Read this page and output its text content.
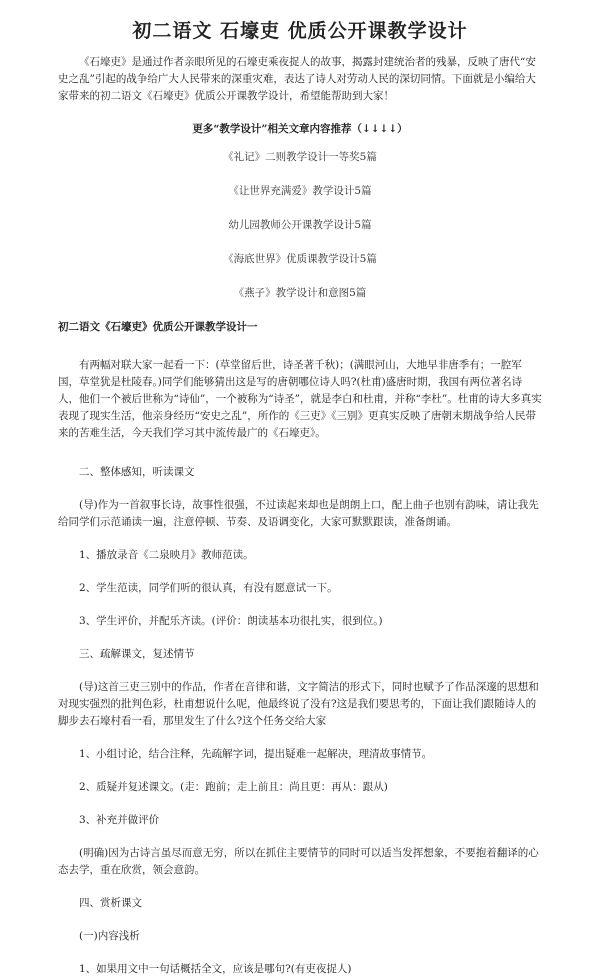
初二语文 石壕吏 优质公开课教学设计

《石壕吏》是通过作者亲眼所见的石壕吏乘夜捉人的故事，揭露封建统治者的残暴，反映了唐代“安史之乱”引起的战争给广大人民带来的深重灾难，表达了诗人对劳动人民的深切同情。下面就是小编给大家带来的初二语文《石壕吏》优质公开课教学设计，希望能帮助到大家！

更多“教学设计”相关文章内容推荐（↓↓↓↓）
《礼记》二则教学设计一等奖5篇
《让世界充满爱》教学设计5篇
幼儿园教师公开课教学设计5篇
《海底世界》优质课教学设计5篇
《燕子》教学设计和意图5篇
初二语文《石壕吏》优质公开课教学设计一

有两幅对联大家一起看一下：(草堂留后世，诗圣著千秋)；(满眼河山，大地早非唐季有；一腔军国，草堂犹是杜陵春。)同学们能够猜出这是写的唐朝哪位诗人吗?(杜甫)盛唐时期，我国有两位著名诗人，他们一个被后世称为“诗仙”，一个被称为“诗圣”，就是李白和杜甫，并称“李杜”。杜甫的诗大多真实表现了现实生活，他亲身经历“安史之乱”，所作的《三吏》《三别》更真实反映了唐朝末期战争给人民带来的苦难生活，今天我们学习其中流传最广的《石壕吏》。

二、整体感知，听读课文

(导)作为一首叙事长诗，故事性很强，不过读起来却也是朗朗上口，配上曲子也别有韵味，请让我先给同学们示范诵读一遍，注意停顿、节奏、及语调变化，大家可默默跟读，准备朗诵。

1、播放录音《二泉映月》教师范读。

2、学生范读，同学们听的很认真，有没有愿意试一下。

3、学生评价，并配乐齐读。(评价：朗读基本功很扎实，很到位。)

三、疏解课文，复述情节

(导)这首三吏三别中的作品，作者在音律和谐，文字简洁的形式下，同时也赋予了作品深邃的思想和对现实强烈的批判色彩，杜甫想说什么呢，他最终说了没有?这是我们要思考的，下面让我们跟随诗人的脚步去石壕村看一看，那里发生了什么?这个任务交给大家

1、小组讨论，结合注释，先疏解字词，提出疑难一起解决，理清故事情节。

2、质疑并复述课文。(走：跑前；走上前且：尚且更：再从：跟从)

3、补充并做评价

(明确)因为古诗言虽尽而意无穷，所以在抓住主要情节的同时可以适当发挥想象，不要抱着翻译的心态去学，重在欣赏，领会意韵。

四、赏析课文

(一)内容浅析

1、如果用文中一句话概括全文，应该是哪句?(有吏夜捉人)
